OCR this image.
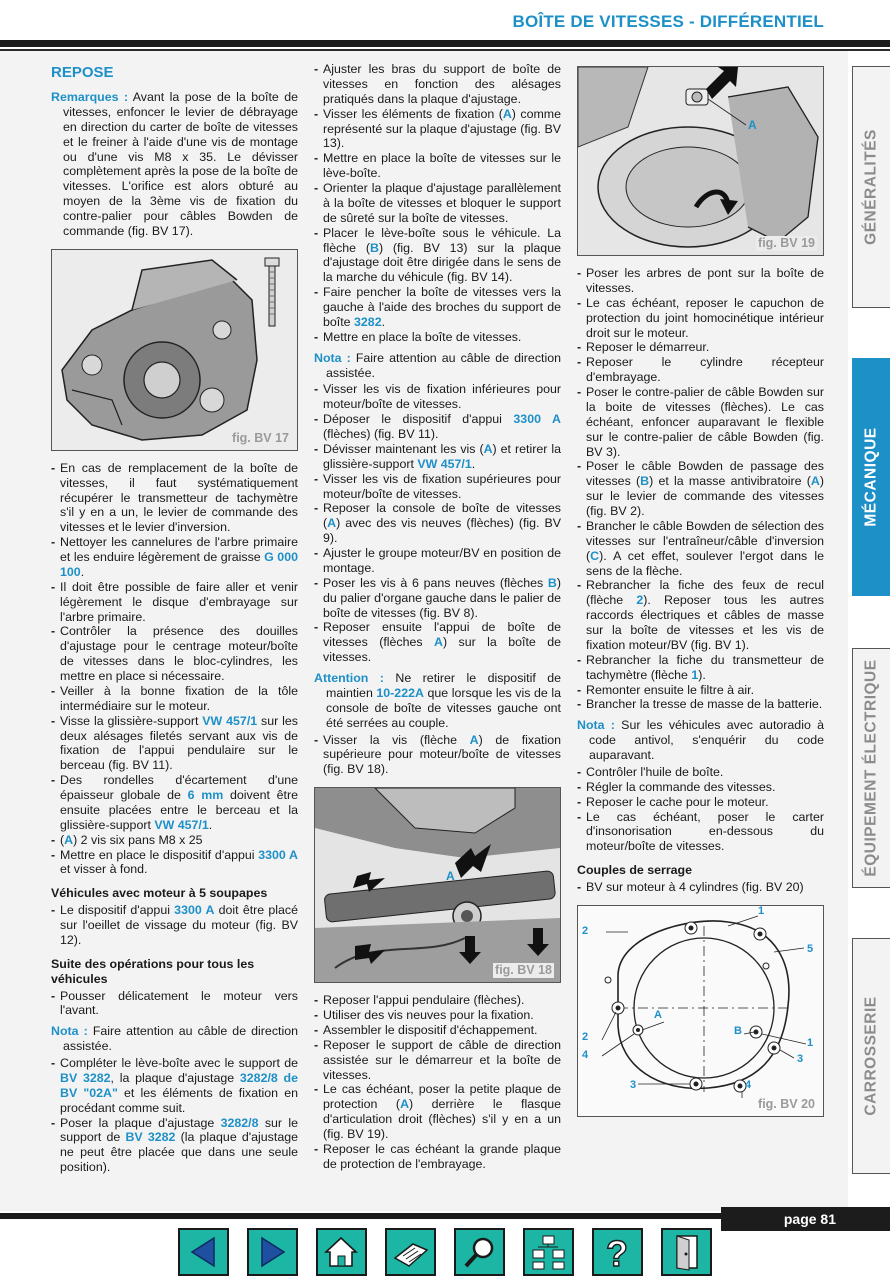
BOÎTE DE VITESSES - DIFFÉRENTIEL
REPOSE

Remarques : Avant la pose de la boîte de vitesses, enfoncer le levier de débrayage en direction du carter de boîte de vitesses et le freiner à l'aide d'une vis de montage ou d'une vis M8 x 35. Le dévisser complètement après la pose de la boîte de vitesses. L'orifice est alors obturé au moyen de la 3ème vis de fixation du contre-palier pour câbles Bowden de commande (fig. BV 17).

fig. BV 17
- En cas de remplacement de la boîte de vitesses, il faut systématiquement récupérer le transmetteur de tachymètre s'il y en a un, le levier de commande des vitesses et le levier d'inversion.
- Nettoyer les cannelures de l'arbre primaire et les enduire légèrement de graisse G 000 100.
- Il doit être possible de faire aller et venir légèrement le disque d'embrayage sur l'arbre primaire.
- Contrôler la présence des douilles d'ajustage pour le centrage moteur/boîte de vitesses dans le bloc-cylindres, les mettre en place si nécessaire.
- Veiller à la bonne fixation de la tôle intermédiaire sur le moteur.
- Visse la glissière-support VW 457/1 sur les deux alésages filetés servant aux vis de fixation de l'appui pendulaire sur le berceau (fig. BV 11).
- Des rondelles d'écartement d'une épaisseur globale de 6 mm doivent être ensuite placées entre le berceau et la glissière-support VW 457/1.
- (A) 2 vis six pans M8 x 25
- Mettre en place le dispositif d'appui 3300 A et visser à fond.
Véhicules avec moteur à 5 soupapes
- Le dispositif d'appui 3300 A doit être placé sur l'oeillet de vissage du moteur (fig. BV 12).
Suite des opérations pour tous les véhicules
- Pousser délicatement le moteur vers l'avant.

Nota : Faire attention au câble de direction assistée.

- Compléter le lève-boîte avec le support de BV 3282, la plaque d'ajustage 3282/8 de BV "02A" et les éléments de fixation en procédant comme suit.
- Poser la plaque d'ajustage 3282/8 sur le support de BV 3282 (la plaque d'ajustage ne peut être placée que dans une seule position).
- Ajuster les bras du support de boîte de vitesses en fonction des alésages pratiqués dans la plaque d'ajustage.
- Visser les éléments de fixation (A) comme représenté sur la plaque d'ajustage (fig. BV 13).
- Mettre en place la boîte de vitesses sur le lève-boîte.
- Orienter la plaque d'ajustage parallèlement à la boîte de vitesses et bloquer le support de sûreté sur la boîte de vitesses.
- Placer le lève-boîte sous le véhicule. La flèche (B) (fig. BV 13) sur la plaque d'ajustage doit être dirigée dans le sens de la marche du véhicule (fig. BV 14).
- Faire pencher la boîte de vitesses vers la gauche à l'aide des broches du support de boîte 3282.
- Mettre en place la boîte de vitesses.

Nota : Faire attention au câble de direction assistée.

- Visser les vis de fixation inférieures pour moteur/boîte de vitesses.
- Déposer le dispositif d'appui 3300 A (flèches) (fig. BV 11).
- Dévisser maintenant les vis (A) et retirer la glissière-support VW 457/1.
- Visser les vis de fixation supérieures pour moteur/boîte de vitesses.
- Reposer la console de boîte de vitesses (A) avec des vis neuves (flèches) (fig. BV 9).
- Ajuster le groupe moteur/BV en position de montage.
- Poser les vis à 6 pans neuves (flèches B) du palier d'organe gauche dans le palier de boîte de vitesses (fig. BV 8).
- Reposer ensuite l'appui de boîte de vitesses (flèches A) sur la boîte de vitesses.

Attention : Ne retirer le dispositif de maintien 10-222A que lorsque les vis de la console de boîte de vitesses gauche ont été serrées au couple.

- Visser la vis (flèche A) de fixation supérieure pour moteur/boîte de vitesses (fig. BV 18).
A
fig. BV 18
- Reposer l'appui pendulaire (flèches).
- Utiliser des vis neuves pour la fixation.
- Assembler le dispositif d'échappement.
- Reposer le support de câble de direction assistée sur le démarreur et la boîte de vitesses.
- Le cas échéant, poser la petite plaque de protection (A) derrière le flasque d'articulation droit (flèches) s'il y en a un (fig. BV 19).
- Reposer le cas échéant la grande plaque de protection de l'embrayage.
A
fig. BV 19
- Poser les arbres de pont sur la boîte de vitesses.
- Le cas échéant, reposer le capuchon de protection du joint homocinétique intérieur droit sur le moteur.
- Reposer le démarreur.
- Reposer le cylindre récepteur d'embrayage.
- Poser le contre-palier de câble Bowden sur la boite de vitesses (flèches). Le cas échéant, enfoncer auparavant le flexible sur le contre-palier de câble Bowden (fig. BV 3).
- Poser le câble Bowden de passage des vitesses (B) et la masse antivibratoire (A) sur le levier de commande des vitesses (fig. BV 2).
- Brancher le câble Bowden de sélection des vitesses sur l'entraîneur/câble d'inversion (C). A cet effet, soulever l'ergot dans le sens de la flèche.
- Rebrancher la fiche des feux de recul (flèche 2). Reposer tous les autres raccords électriques et câbles de masse sur la boîte de vitesses et les vis de fixation moteur/BV (fig. BV 1).
- Rebrancher la fiche du transmetteur de tachymètre (flèche 1).
- Remonter ensuite le filtre à air.
- Brancher la tresse de masse de la batterie.

Nota : Sur les véhicules avec autoradio à code antivol, s'enquérir du code auparavant.

- Contrôler l'huile de boîte.
- Régler la commande des vitesses.
- Reposer le cache pour le moteur.
- Le cas échéant, poser le carter d'insonorisation en-dessous du moteur/boîte de vitesses.
Couples de serrage
- BV sur moteur à 4 cylindres (fig. BV 20)
1
2
5
2
A
B
1
4	3
3	4
fig. BV 20
GÉNÉRALITÉS
MÉCANIQUE
ÉQUIPEMENT ÉLECTRIQUE
CARROSSERIE
page 81
?
